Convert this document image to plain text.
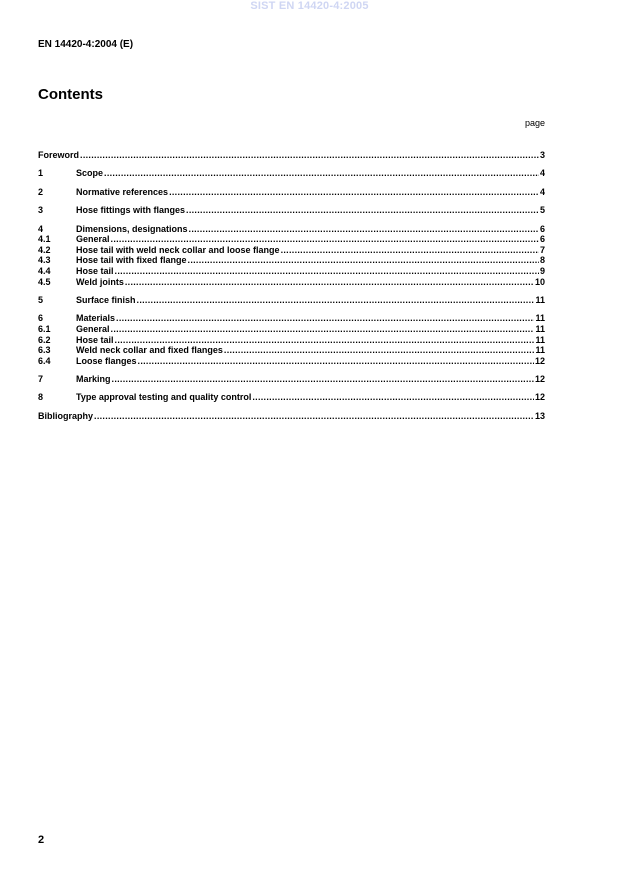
SIST EN 14420-4:2005
EN 14420-4:2004 (E)
Contents
page
Foreword .....	3
1	Scope .....	4
2	Normative references .....	4
3	Hose fittings with flanges .....	5
4	Dimensions, designations .....	6
4.1	General .....	6
4.2	Hose tail with weld neck collar and loose flange .....	7
4.3	Hose tail with fixed flange .....	8
4.4	Hose tail .....	9
4.5	Weld joints .....	10
5	Surface finish .....	11
6	Materials .....	11
6.1	General .....	11
6.2	Hose tail .....	11
6.3	Weld neck collar and fixed flanges .....	11
6.4	Loose flanges .....	12
7	Marking .....	12
8	Type approval testing and quality control .....	12
Bibliography .....	13
2
